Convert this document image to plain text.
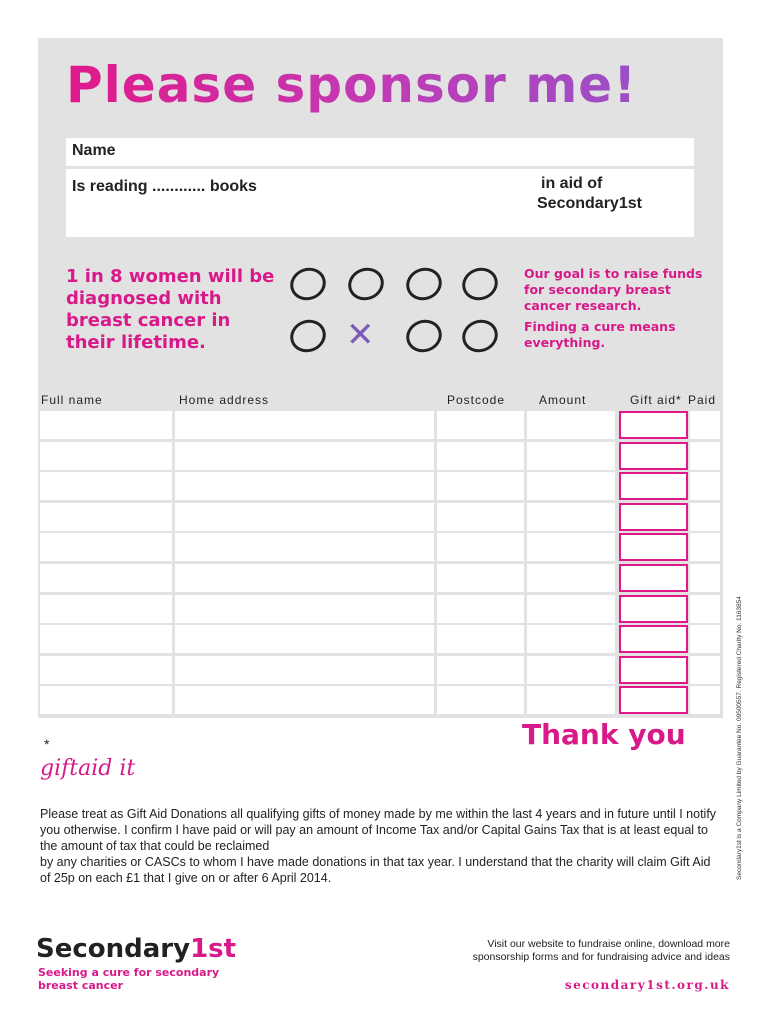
Please sponsor me!
Name
Is reading ............ books	in aid of
Secondary1st
1 in 8 women will be diagnosed with breast cancer in their lifetime.	✕
Our goal is to raise funds for secondary breast cancer research.
Finding a cure means everything.
Full name	Home address	Postcode	Amount	Gift aid* Paid
Thank you
*
giftaid it

Please treat as Gift Aid Donations all qualifying gifts of money made by me within the last 4 years and in future until I notify you otherwise. I confirm I have paid or will pay an amount of Income Tax and/or Capital Gains Tax that is at least equal to the amount of tax that could be reclaimed

by any charities or CASCs to whom I have made donations in that tax year. I understand that the charity will claim Gift Aid of 25p on each £1 that I give on or after 6 April 2014.	Secondary1st is a Company Limited by Guarantee No. 09500557. Registered Charity No. 1163854
Secondary1st
Seeking a cure for secondary breast cancer
Visit our website to fundraise online, download more sponsorship forms and for fundraising advice and ideas
secondary1st.org.uk
